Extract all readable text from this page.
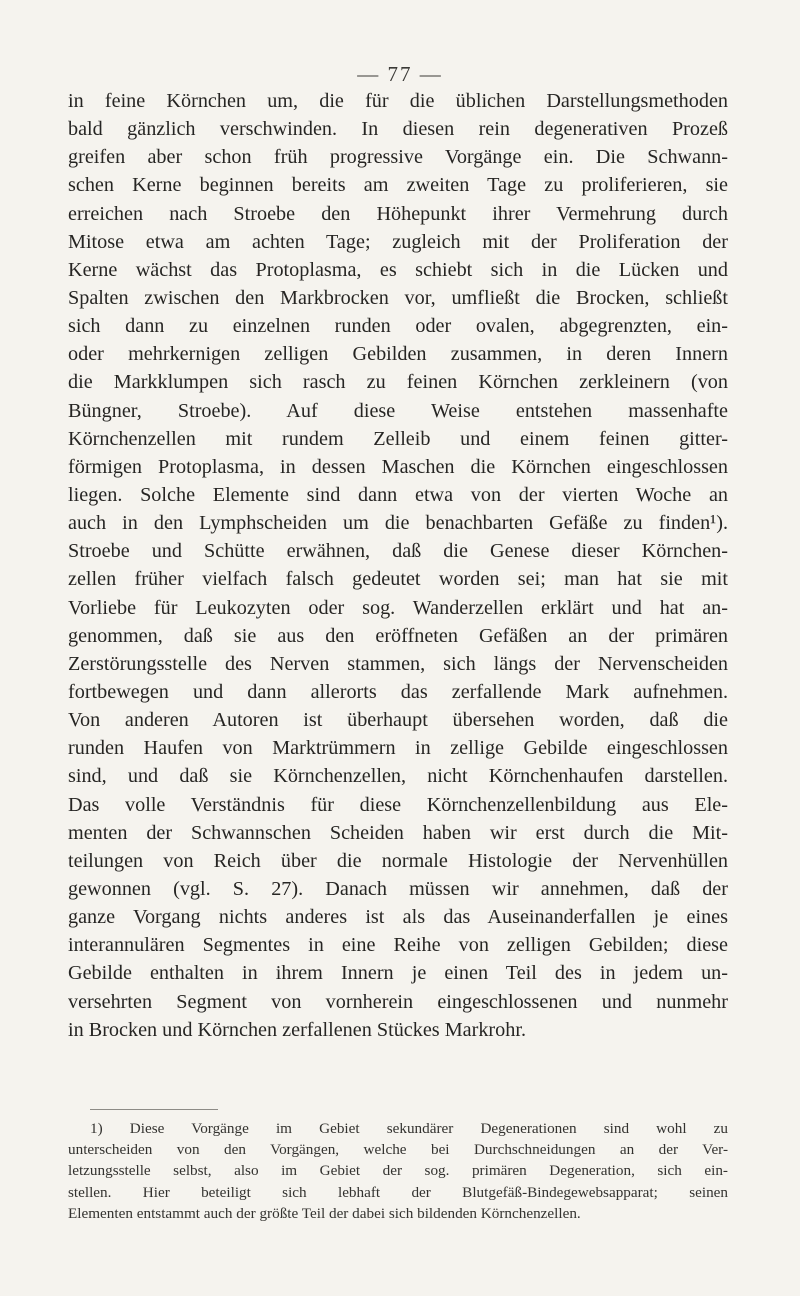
— 77 —
in feine Körnchen um, die für die üblichen Darstellungsmethoden
bald gänzlich verschwinden. In diesen rein degenerativen Prozeß
greifen aber schon früh progressive Vorgänge ein. Die Schwann-
schen Kerne beginnen bereits am zweiten Tage zu proliferieren, sie
erreichen nach Stroebe den Höhepunkt ihrer Vermehrung durch
Mitose etwa am achten Tage; zugleich mit der Proliferation der
Kerne wächst das Protoplasma, es schiebt sich in die Lücken und
Spalten zwischen den Markbrocken vor, umfließt die Brocken, schließt
sich dann zu einzelnen runden oder ovalen, abgegrenzten, ein-
oder mehrkernigen zelligen Gebilden zusammen, in deren Innern
die Markklumpen sich rasch zu feinen Körnchen zerkleinern (von
Büngner, Stroebe). Auf diese Weise entstehen massenhafte
Körnchenzellen mit rundem Zelleib und einem feinen gitter-
förmigen Protoplasma, in dessen Maschen die Körnchen eingeschlossen
liegen. Solche Elemente sind dann etwa von der vierten Woche an
auch in den Lymphscheiden um die benachbarten Gefäße zu finden¹).
Stroebe und Schütte erwähnen, daß die Genese dieser Körnchen-
zellen früher vielfach falsch gedeutet worden sei; man hat sie mit
Vorliebe für Leukozyten oder sog. Wanderzellen erklärt und hat an-
genommen, daß sie aus den eröffneten Gefäßen an der primären
Zerstörungsstelle des Nerven stammen, sich längs der Nervenscheiden
fortbewegen und dann allerorts das zerfallende Mark aufnehmen.
Von anderen Autoren ist überhaupt übersehen worden, daß die
runden Haufen von Marktrümmern in zellige Gebilde eingeschlossen
sind, und daß sie Körnchenzellen, nicht Körnchenhaufen darstellen.
Das volle Verständnis für diese Körnchenzellenbildung aus Ele-
menten der Schwannschen Scheiden haben wir erst durch die Mit-
teilungen von Reich über die normale Histologie der Nervenhüllen
gewonnen (vgl. S. 27). Danach müssen wir annehmen, daß der
ganze Vorgang nichts anderes ist als das Auseinanderfallen je eines
interannulären Segmentes in eine Reihe von zelligen Gebilden; diese
Gebilde enthalten in ihrem Innern je einen Teil des in jedem un-
versehrten Segment von vornherein eingeschlossenen und nunmehr
in Brocken und Körnchen zerfallenen Stückes Markrohr.
1) Diese Vorgänge im Gebiet sekundärer Degenerationen sind wohl zu
unterscheiden von den Vorgängen, welche bei Durchschneidungen an der Ver-
letzungsstelle selbst, also im Gebiet der sog. primären Degeneration, sich ein-
stellen. Hier beteiligt sich lebhaft der Blutgefäß-Bindegewebsapparat; seinen
Elementen entstammt auch der größte Teil der dabei sich bildenden Körnchenzellen.
